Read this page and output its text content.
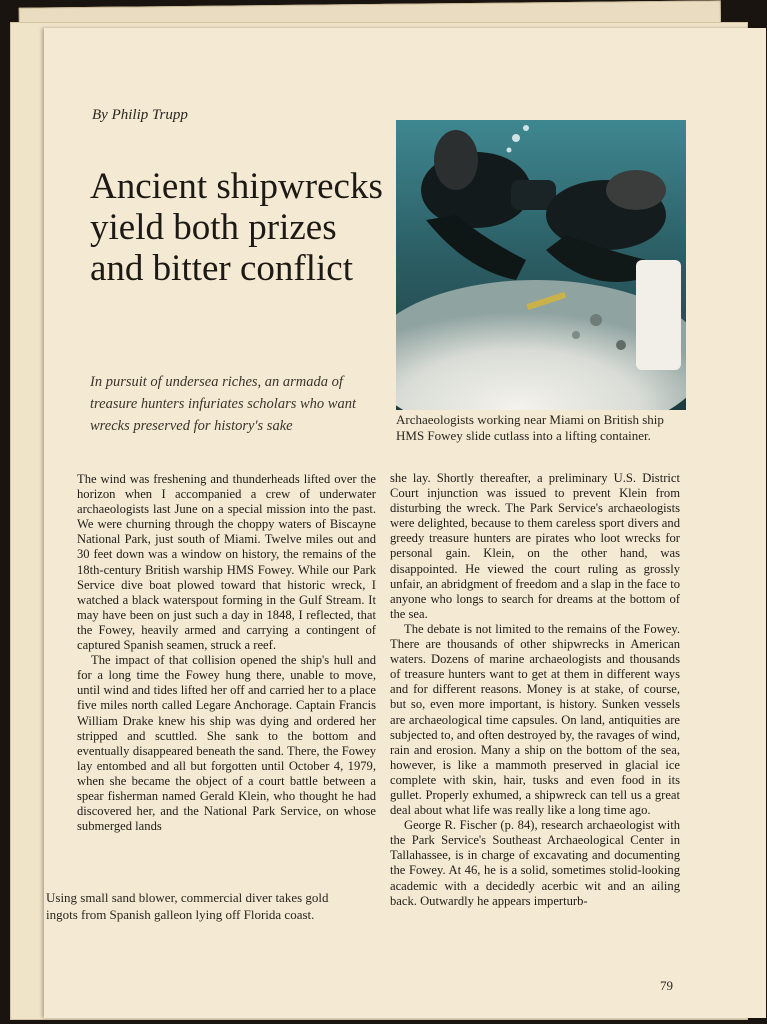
By Philip Trupp
Ancient shipwrecks yield both prizes and bitter conflict
In pursuit of undersea riches, an armada of treasure hunters infuriates scholars who want wrecks preserved for history's sake	Archaeologists working near Miami on British ship HMS Fowey slide cutlass into a lifting container.

The wind was freshening and thunderheads lifted over the horizon when I accompanied a crew of underwater archaeologists last June on a special mission into the past. We were churning through the choppy waters of Biscayne National Park, just south of Miami. Twelve miles out and 30 feet down was a window on history, the remains of the 18th-century British warship HMS Fowey. While our Park Service dive boat plowed toward that historic wreck, I watched a black waterspout forming in the Gulf Stream. It may have been on just such a day in 1848, I reflected, that the Fowey, heavily armed and carrying a contingent of captured Spanish seamen, struck a reef.

The impact of that collision opened the ship's hull and for a long time the Fowey hung there, unable to move, until wind and tides lifted her off and carried her to a place five miles north called Legare Anchorage. Captain Francis William Drake knew his ship was dying and ordered her stripped and scuttled. She sank to the bottom and eventually disappeared beneath the sand. There, the Fowey lay entombed and all but forgotten until October 4, 1979, when she became the object of a court battle between a spear fisherman named Gerald Klein, who thought he had discovered her, and the National Park Service, on whose submerged lands

she lay. Shortly thereafter, a preliminary U.S. District Court injunction was issued to prevent Klein from disturbing the wreck. The Park Service's archaeologists were delighted, because to them careless sport divers and greedy treasure hunters are pirates who loot wrecks for personal gain. Klein, on the other hand, was disappointed. He viewed the court ruling as grossly unfair, an abridgment of freedom and a slap in the face to anyone who longs to search for dreams at the bottom of the sea.

The debate is not limited to the remains of the Fowey. There are thousands of other shipwrecks in American waters. Dozens of marine archaeologists and thousands of treasure hunters want to get at them in different ways and for different reasons. Money is at stake, of course, but so, even more important, is history. Sunken vessels are archaeological time capsules. On land, antiquities are subjected to, and often destroyed by, the ravages of wind, rain and erosion. Many a ship on the bottom of the sea, however, is like a mammoth preserved in glacial ice complete with skin, hair, tusks and even food in its gullet. Properly exhumed, a shipwreck can tell us a great deal about what life was really like a long time ago.

George R. Fischer (p. 84), research archaeologist with the Park Service's Southeast Archaeological Center in Tallahassee, is in charge of excavating and documenting the Fowey. At 46, he is a solid, sometimes stolid-looking academic with a decidedly acerbic wit and an ailing back. Outwardly he appears imperturb-

Using small sand blower, commercial diver takes gold ingots from Spanish galleon lying off Florida coast.
79
